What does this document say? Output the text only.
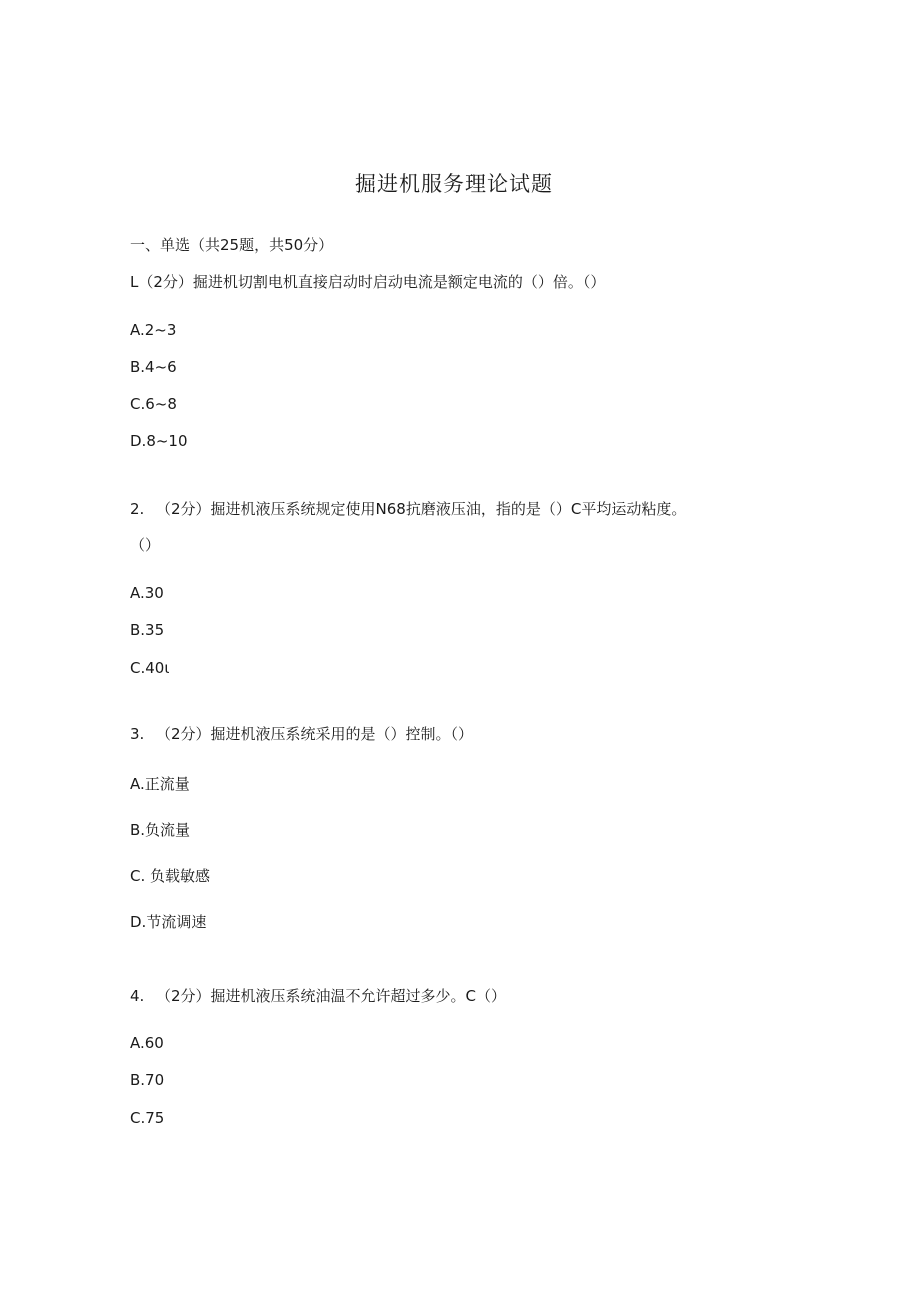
掘进机服务理论试题
一、单选（共25题，共50分）
L（2分）掘进机切割电机直接启动时启动电流是额定电流的（）倍。（）
A.2~3
B.4~6
C.6~8
D.8~10
2. （2分）掘进机液压系统规定使用N68抗磨液压油，指的是（）C平均运动粘度。
（）
A.30
B.35
C.40ι
3. （2分）掘进机液压系统采用的是（）控制。（）
A.正流量
B.负流量
C. 负载敏感
D.节流调速
4. （2分）掘进机液压系统油温不允许超过多少。C（）
A.60
B.70
C.75
